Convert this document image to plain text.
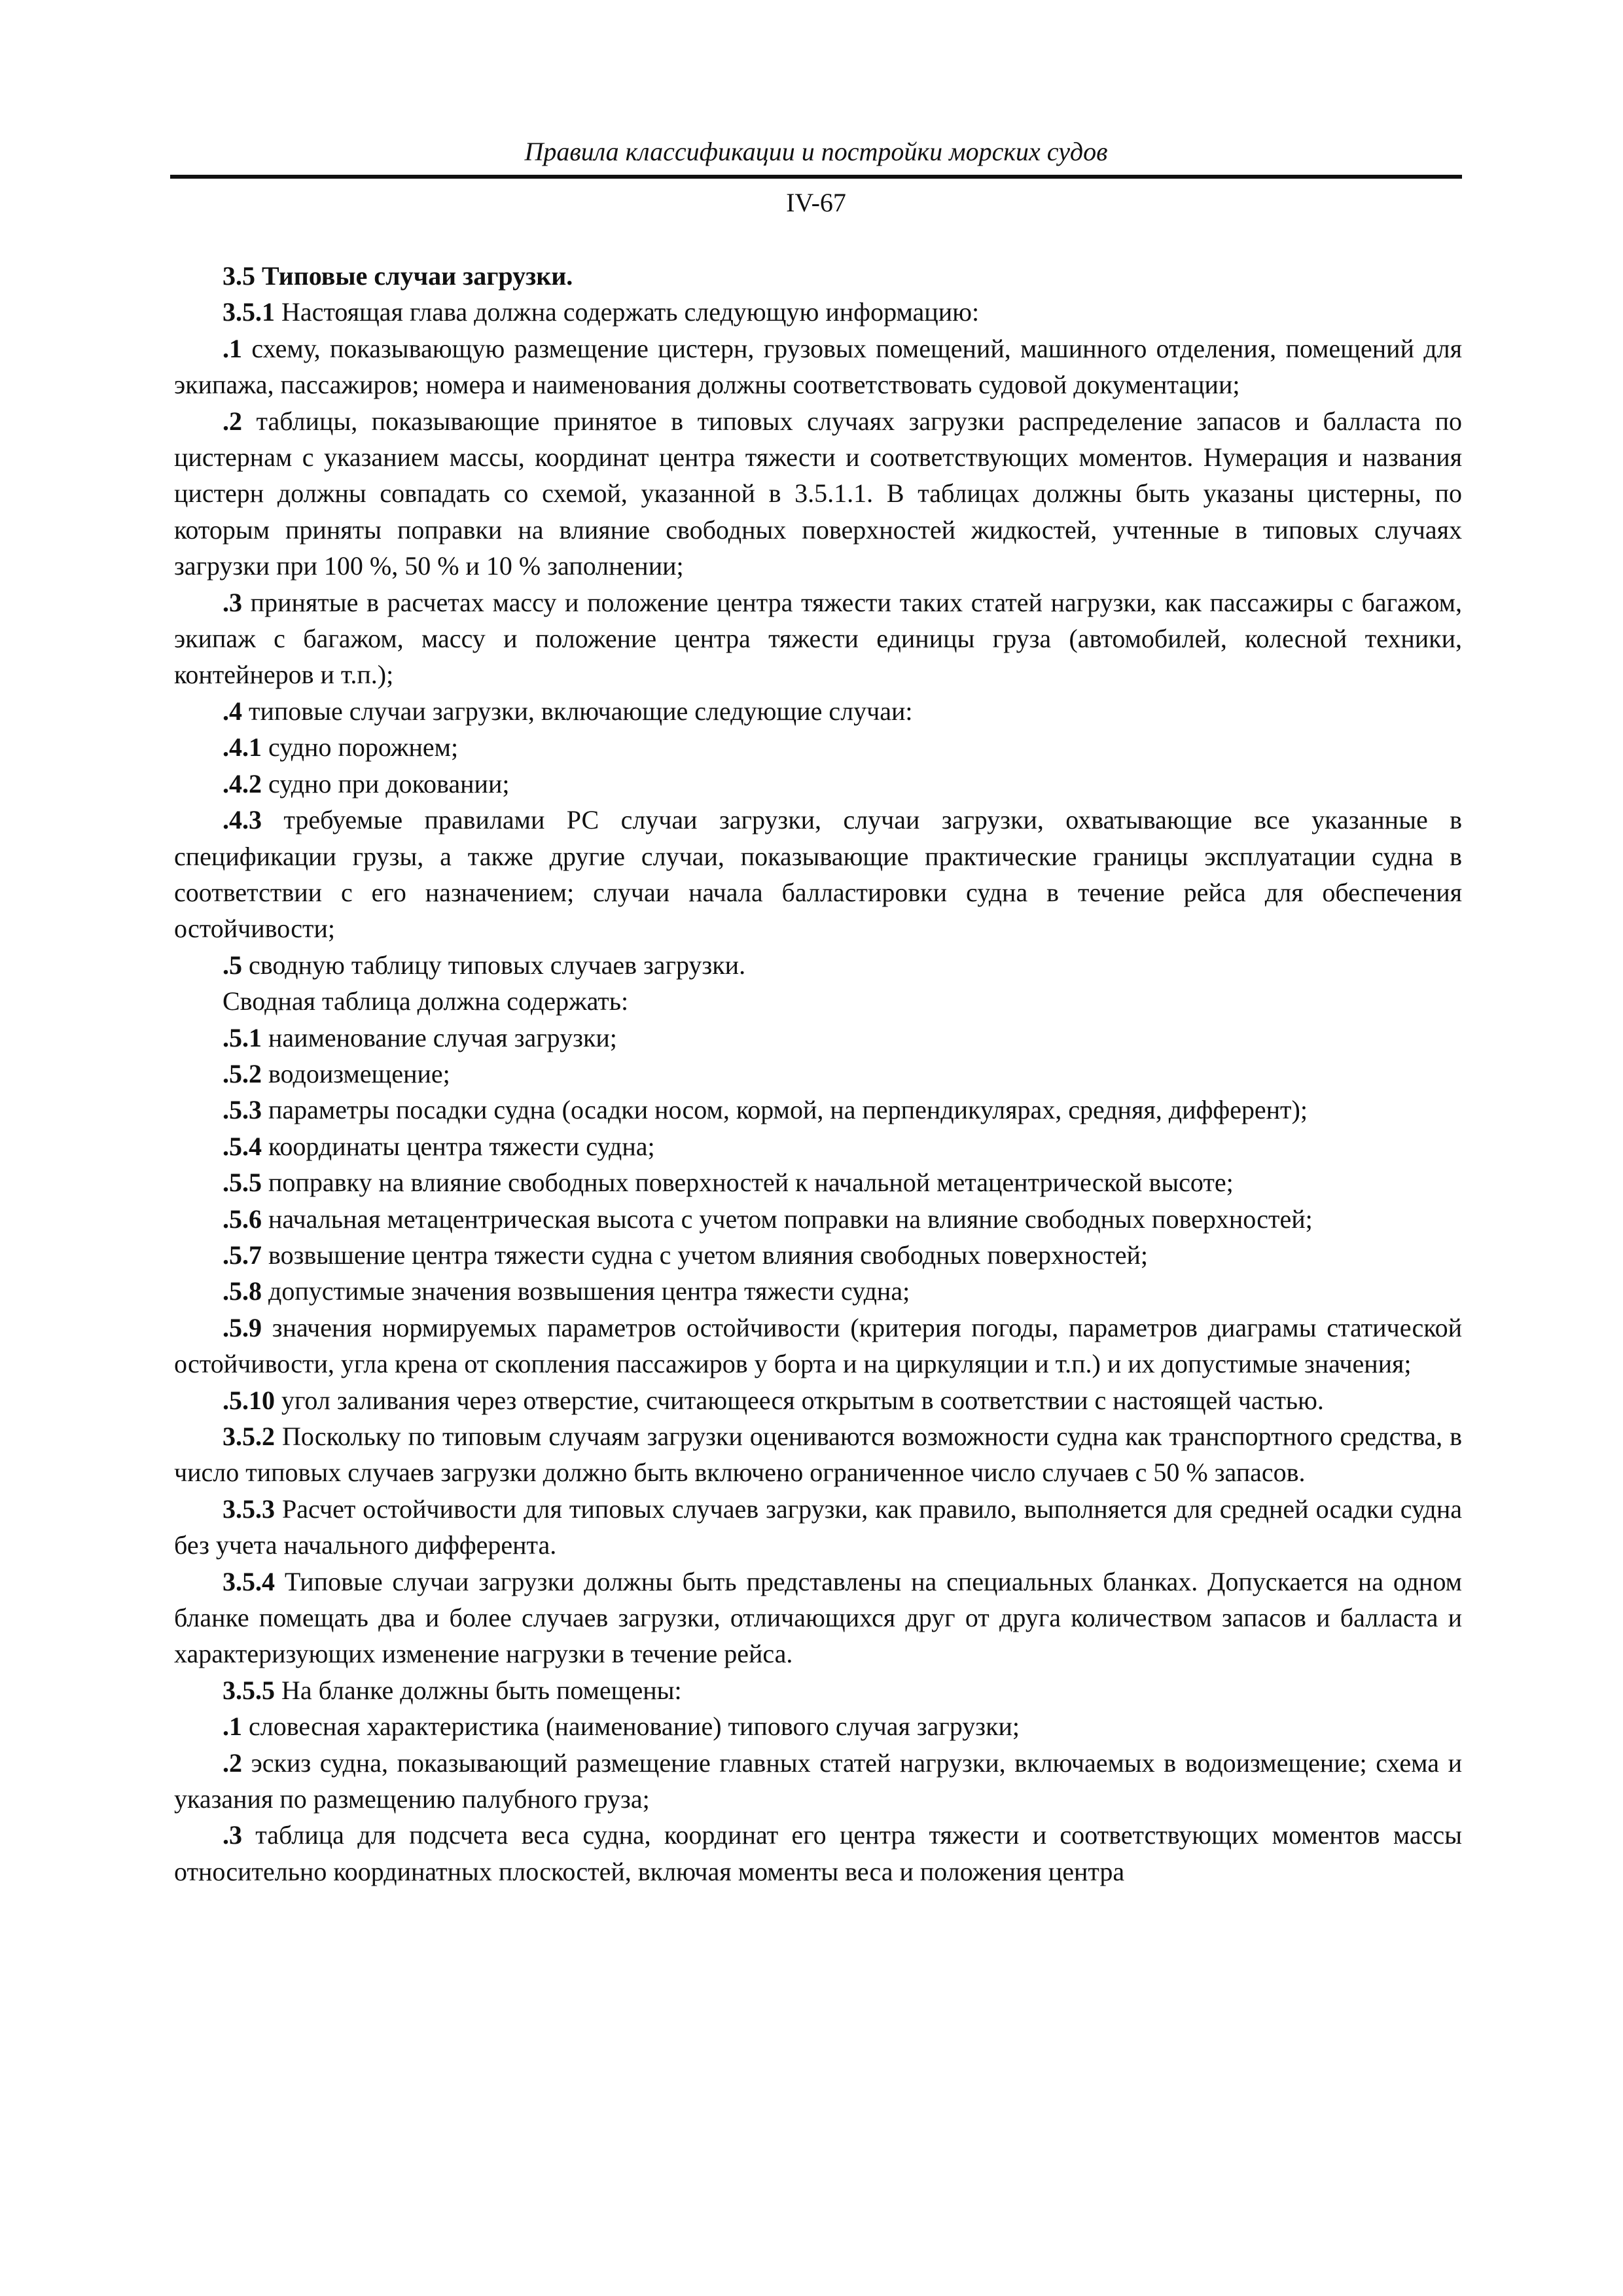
Правила классификации и постройки морских судов
IV-67

3.5 Типовые случаи загрузки.

3.5.1 Настоящая глава должна содержать следующую информацию:

.1 схему, показывающую размещение цистерн, грузовых помещений, машинного отделения, помещений для экипажа, пассажиров; номера и наименования должны соответствовать судовой документации;

.2 таблицы, показывающие принятое в типовых случаях загрузки распределение запасов и балласта по цистернам с указанием массы, координат центра тяжести и соответствующих моментов. Нумерация и названия цистерн должны совпадать со схемой, указанной в 3.5.1.1. В таблицах должны быть указаны цистерны, по которым приняты поправки на влияние свободных поверхностей жидкостей, учтенные в типовых случаях загрузки при 100 %, 50 % и 10 % заполнении;

.3 принятые в расчетах массу и положение центра тяжести таких статей нагрузки, как пассажиры с багажом, экипаж с багажом, массу и положение центра тяжести единицы груза (автомобилей, колесной техники, контейнеров и т.п.);

.4 типовые случаи загрузки, включающие следующие случаи:

.4.1 судно порожнем;

.4.2 судно при доковании;

.4.3 требуемые правилами РС случаи загрузки, случаи загрузки, охватывающие все указанные в спецификации грузы, а также другие случаи, показывающие практические границы эксплуатации судна в соответствии с его назначением; случаи начала балластировки судна в течение рейса для обеспечения остойчивости;

.5 сводную таблицу типовых случаев загрузки.

Сводная таблица должна содержать:

.5.1 наименование случая загрузки;

.5.2 водоизмещение;

.5.3 параметры посадки судна (осадки носом, кормой, на перпендикулярах, средняя, дифферент);

.5.4 координаты центра тяжести судна;

.5.5 поправку на влияние свободных поверхностей к начальной метацентрической высоте;

.5.6 начальная метацентрическая высота с учетом поправки на влияние свободных поверхностей;

.5.7 возвышение центра тяжести судна с учетом влияния свободных поверхностей;

.5.8 допустимые значения возвышения центра тяжести судна;

.5.9 значения нормируемых параметров остойчивости (критерия погоды, параметров диаграмы статической остойчивости, угла крена от скопления пассажиров у борта и на циркуляции и т.п.) и их допустимые значения;

.5.10 угол заливания через отверстие, считающееся открытым в соответствии с настоящей частью.

3.5.2 Поскольку по типовым случаям загрузки оцениваются возможности судна как транспортного средства, в число типовых случаев загрузки должно быть включено ограниченное число случаев с 50 % запасов.

3.5.3 Расчет остойчивости для типовых случаев загрузки, как правило, выполняется для средней осадки судна без учета начального дифферента.

3.5.4 Типовые случаи загрузки должны быть представлены на специальных бланках. Допускается на одном бланке помещать два и более случаев загрузки, отличающихся друг от друга количеством запасов и балласта и характеризующих изменение нагрузки в течение рейса.

3.5.5 На бланке должны быть помещены:

.1 словесная характеристика (наименование) типового случая загрузки;

.2 эскиз судна, показывающий размещение главных статей нагрузки, включаемых в водоизмещение; схема и указания по размещению палубного груза;

.3 таблица для подсчета веса судна, координат его центра тяжести и соответствующих моментов массы относительно координатных плоскостей, включая моменты веса и положения центра
